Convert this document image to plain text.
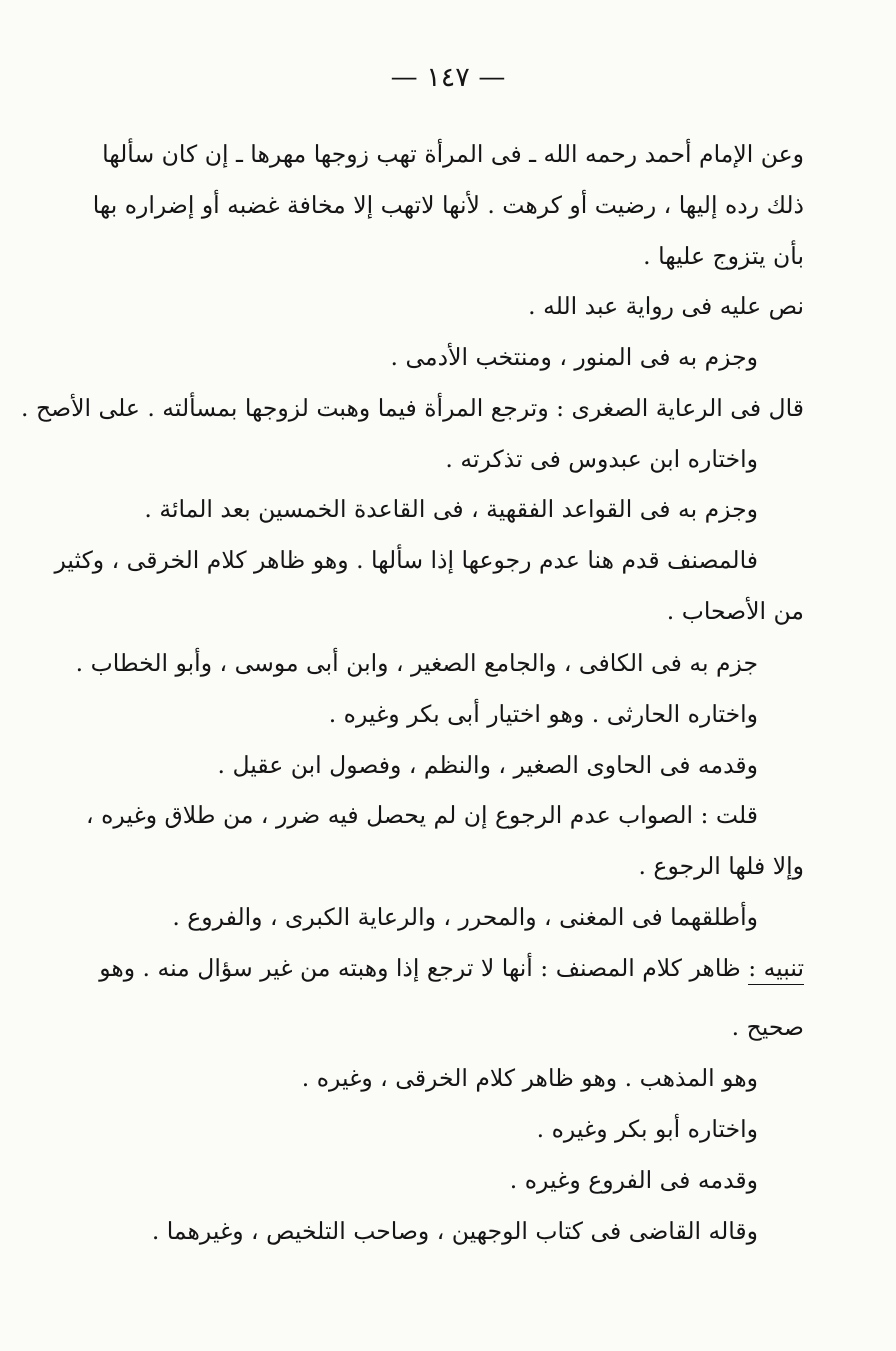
— ١٤٧ —
وعن الإمام أحمد رحمه الله ـ فى المرأة تهب زوجها مهرها ـ إن كان سألها
ذلك رده إليها ، رضيت أو كرهت . لأنها لاتهب إلا مخافة غضبه أو إضراره بها
بأن يتزوج عليها .
نص عليه فى رواية عبد الله .
وجزم به فى المنور ، ومنتخب الأدمى .
قال فى الرعاية الصغرى : وترجع المرأة فيما وهبت لزوجها بمسألته . على الأصح .
واختاره ابن عبدوس فى تذكرته .
وجزم به فى القواعد الفقهية ، فى القاعدة الخمسين بعد المائة .
فالمصنف قدم هنا عدم رجوعها إذا سألها . وهو ظاهر كلام الخرقى ، وكثير
من الأصحاب .
جزم به فى الكافى ، والجامع الصغير ، وابن أبى موسى ، وأبو الخطاب .
واختاره الحارثى . وهو اختيار أبى بكر وغيره .
وقدمه فى الحاوى الصغير ، والنظم ، وفصول ابن عقيل .
قلت : الصواب عدم الرجوع إن لم يحصل فيه ضرر ، من طلاق وغيره ،
وإلا فلها الرجوع .
وأطلقهما فى المغنى ، والمحرر ، والرعاية الكبرى ، والفروع .
تنبيه : ظاهر كلام المصنف : أنها لا ترجع إذا وهبته من غير سؤال منه . وهو
صحيح .
وهو المذهب . وهو ظاهر كلام الخرقى ، وغيره .
واختاره أبو بكر وغيره .
وقدمه فى الفروع وغيره .
وقاله القاضى فى كتاب الوجهين ، وصاحب التلخيص ، وغيرهما .
